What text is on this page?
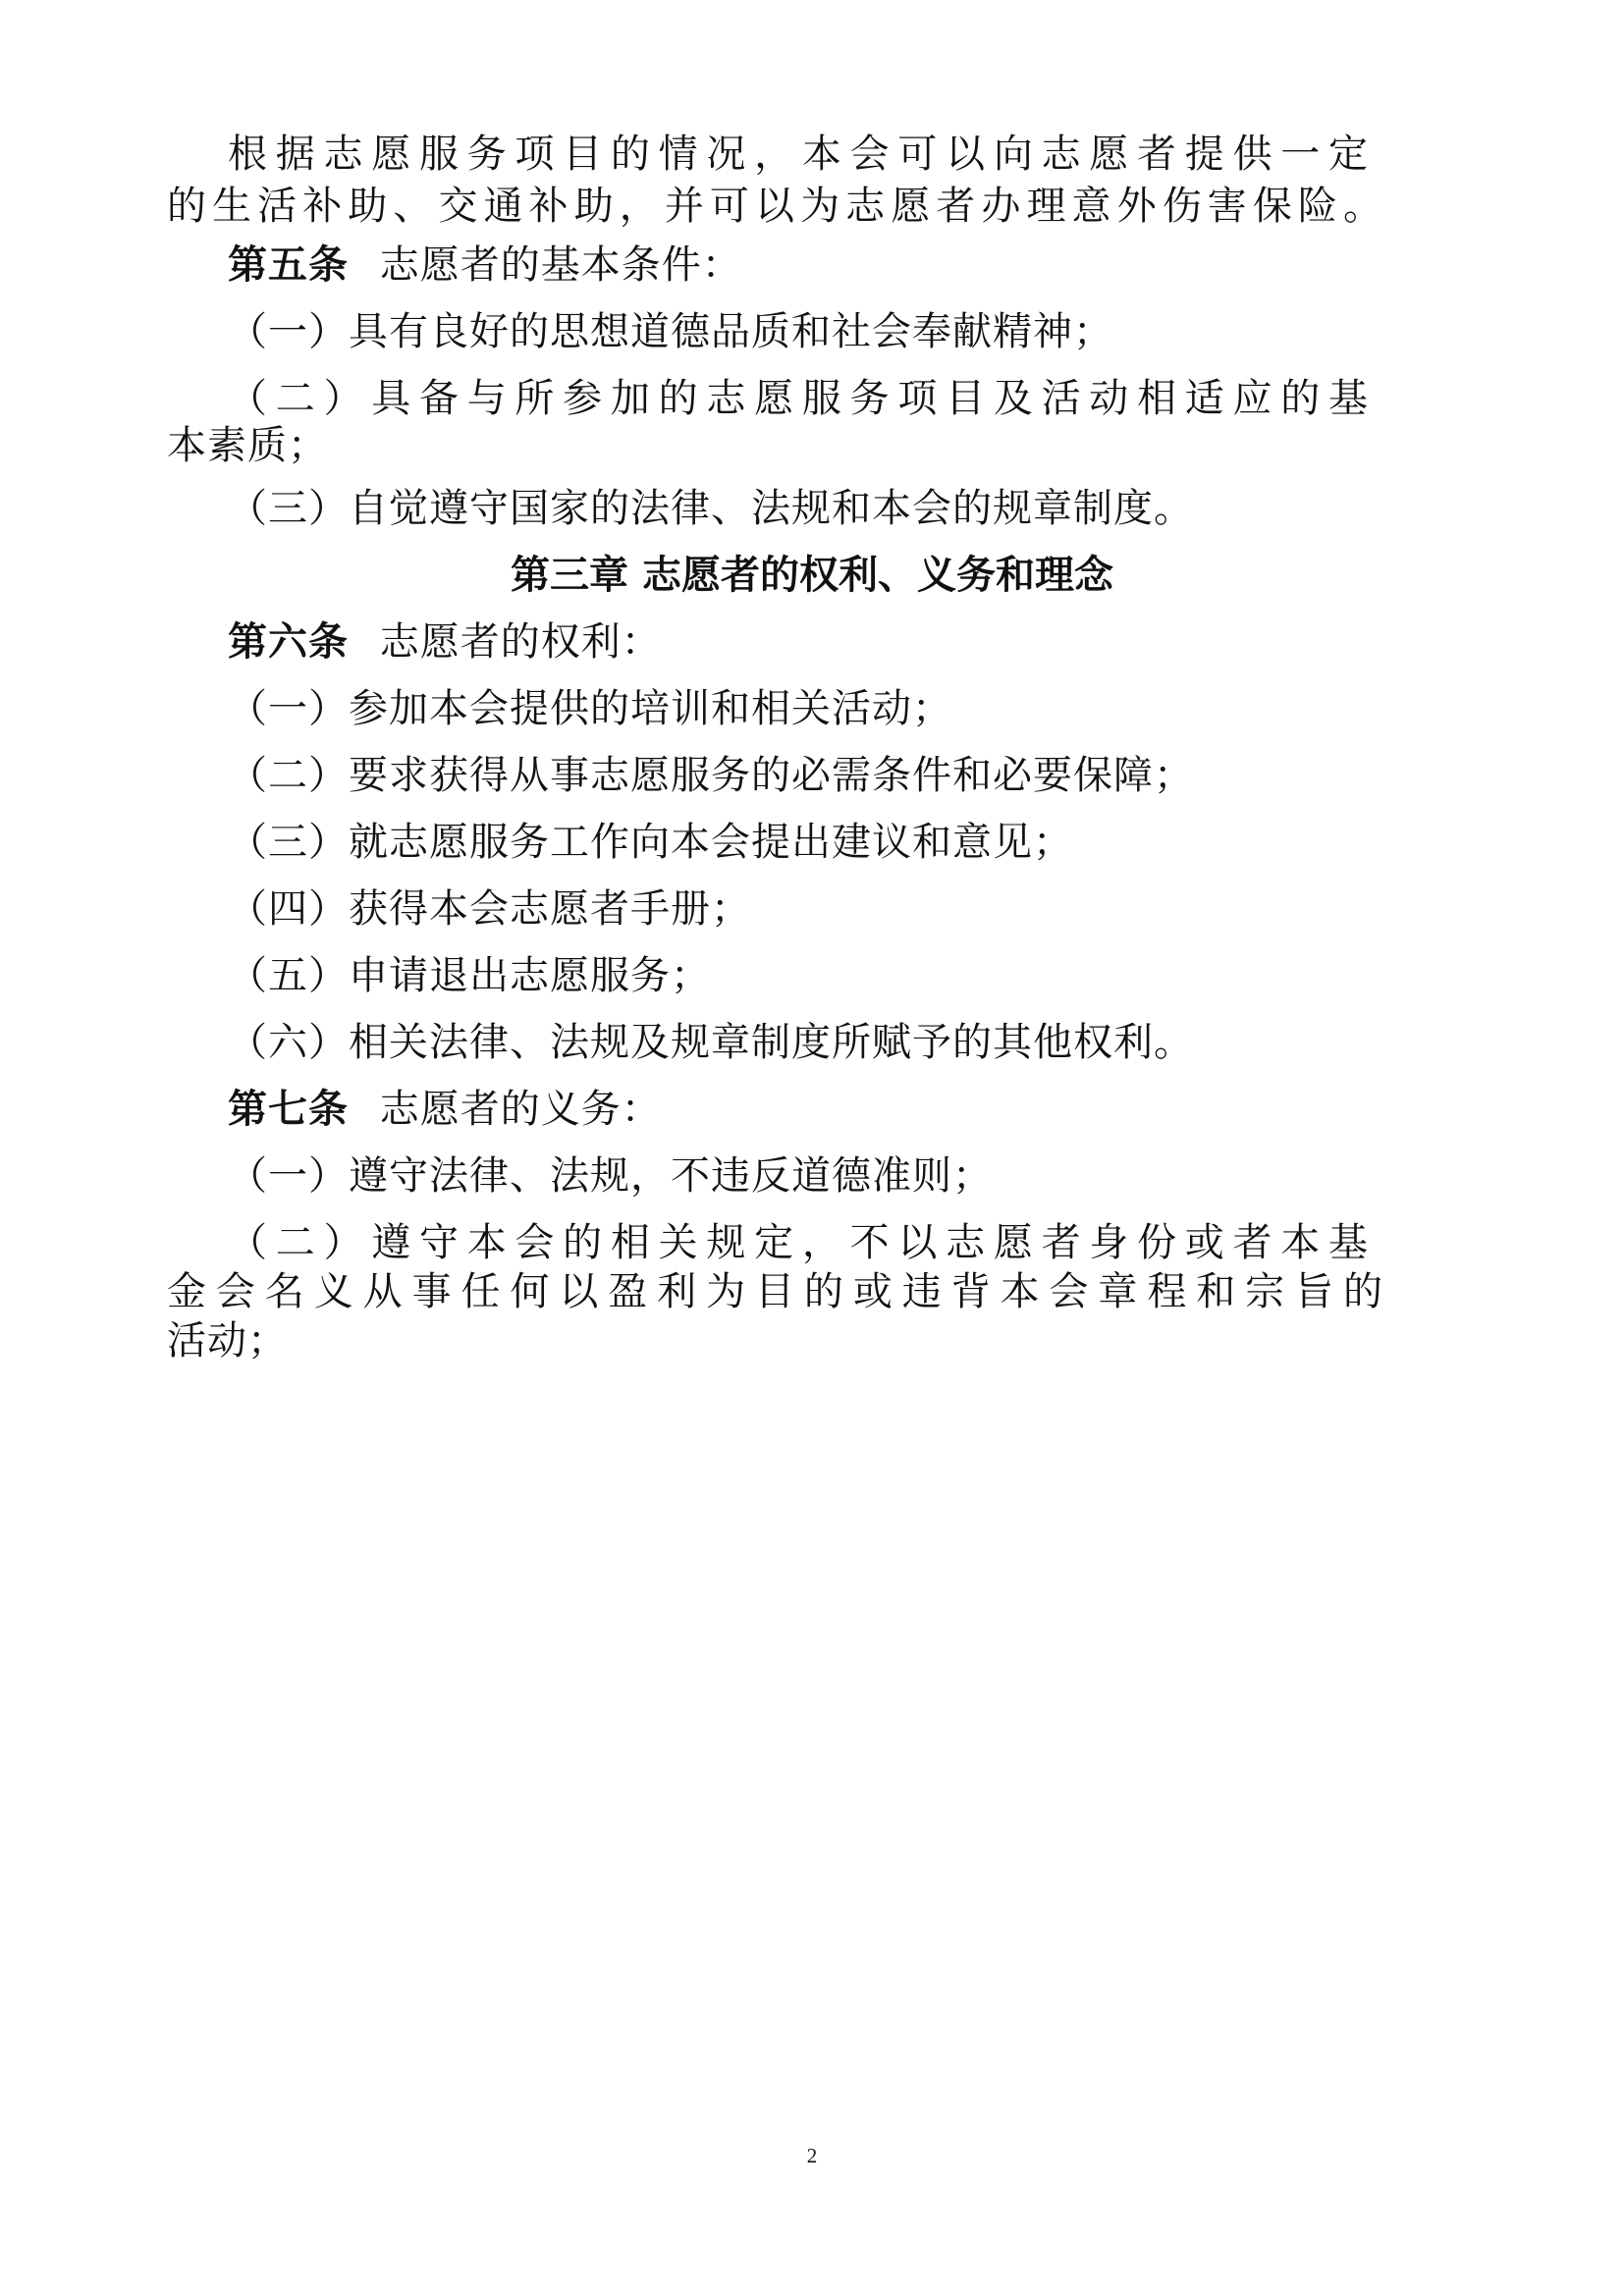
根据志愿服务项目的情况，本会可以向志愿者提供一定
的生活补助、交通补助，并可以为志愿者办理意外伤害保险。
第五条 志愿者的基本条件：
（一）具有良好的思想道德品质和社会奉献精神；
（二）具备与所参加的志愿服务项目及活动相适应的基
本素质；
（三）自觉遵守国家的法律、法规和本会的规章制度。
第三章 志愿者的权利、义务和理念
第六条 志愿者的权利：
（一）参加本会提供的培训和相关活动；
（二）要求获得从事志愿服务的必需条件和必要保障；
（三）就志愿服务工作向本会提出建议和意见；
（四）获得本会志愿者手册；
（五）申请退出志愿服务；
（六）相关法律、法规及规章制度所赋予的其他权利。
第七条 志愿者的义务：
（一）遵守法律、法规，不违反道德准则；
（二）遵守本会的相关规定，不以志愿者身份或者本基
金会名义从事任何以盈利为目的或违背本会章程和宗旨的
活动；
2
